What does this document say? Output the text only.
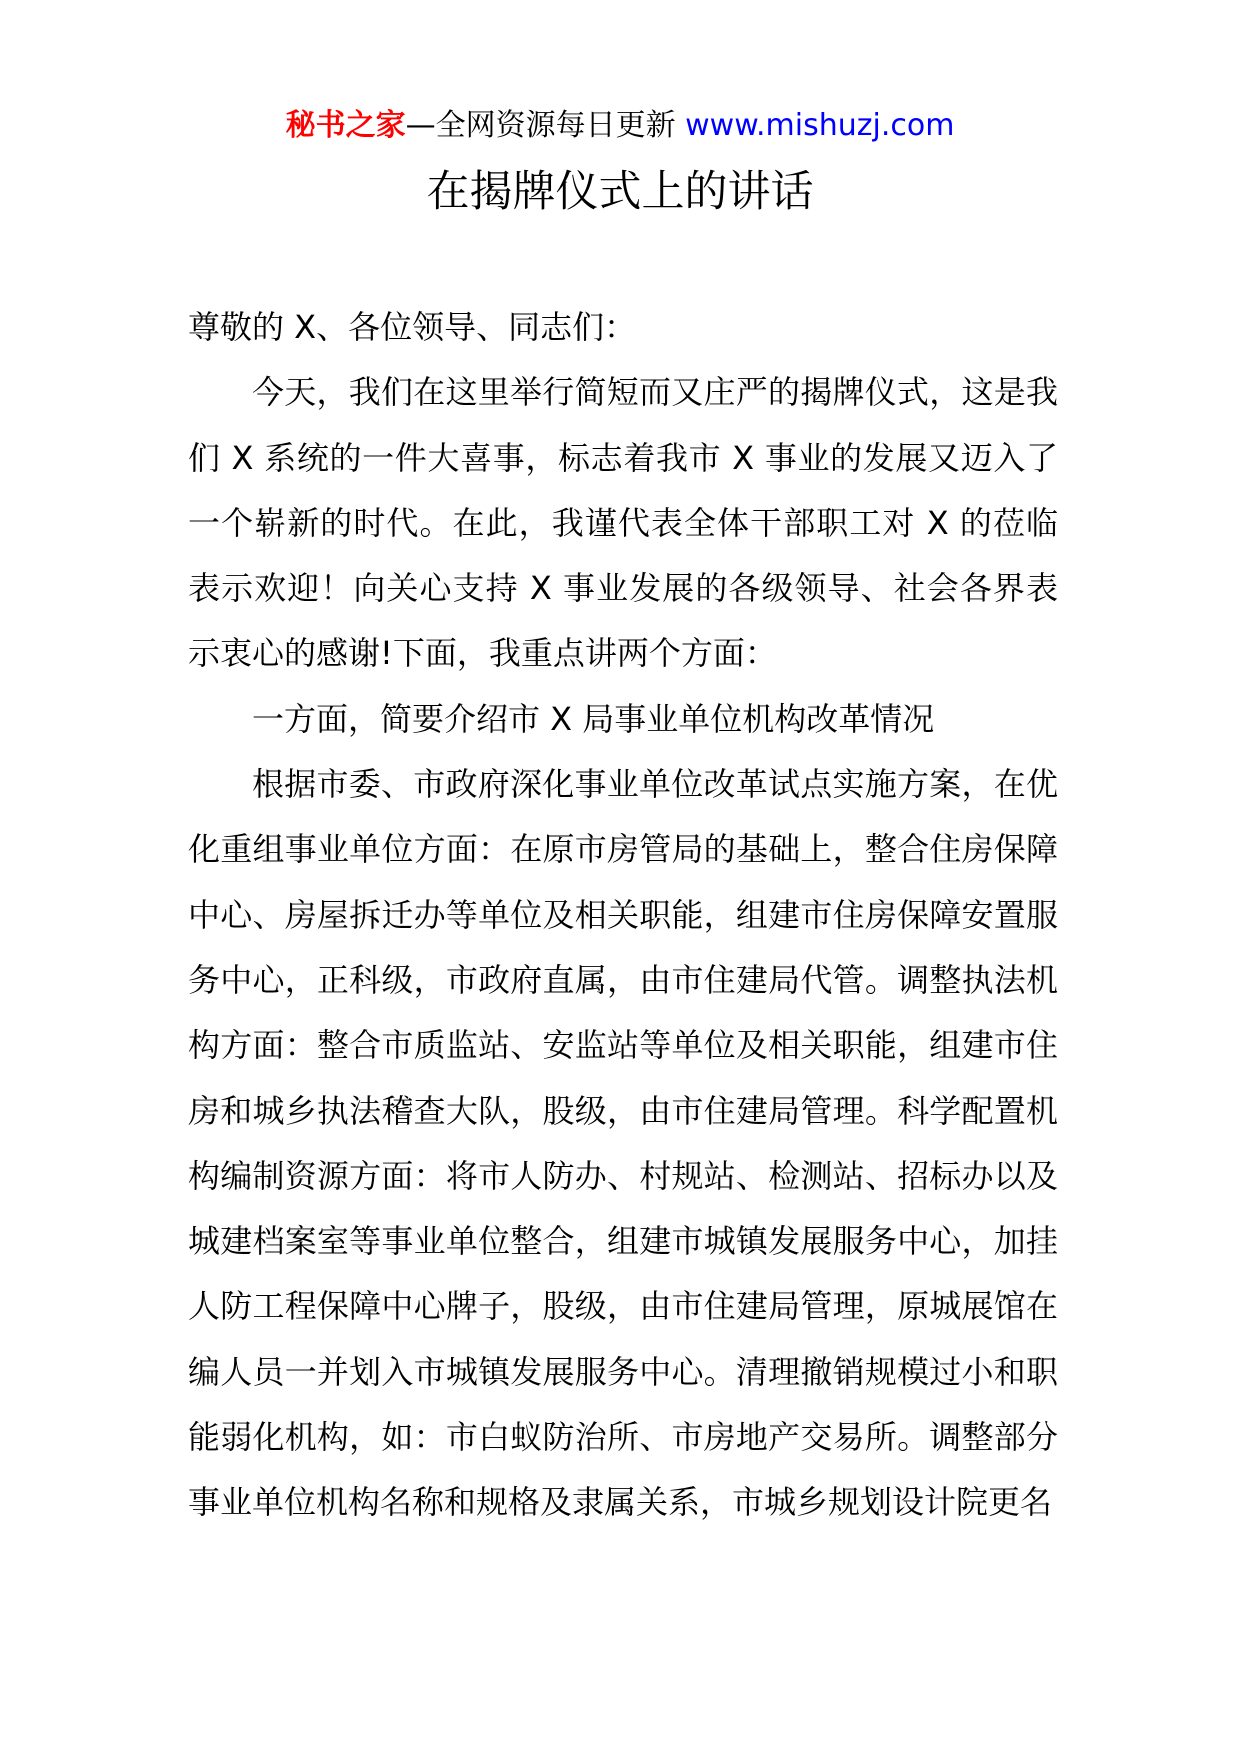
秘书之家—全网资源每日更新 www.mishuzj.com
在揭牌仪式上的讲话

尊敬的 X、各位领导、同志们：

今天，我们在这里举行简短而又庄严的揭牌仪式，这是我们 X 系统的一件大喜事，标志着我市 X 事业的发展又迈入了一个崭新的时代。在此，我谨代表全体干部职工对 X 的莅临表示欢迎！向关心支持 X 事业发展的各级领导、社会各界表示衷心的感谢!下面，我重点讲两个方面：

一方面，简要介绍市 X 局事业单位机构改革情况

根据市委、市政府深化事业单位改革试点实施方案，在优化重组事业单位方面：在原市房管局的基础上，整合住房保障中心、房屋拆迁办等单位及相关职能，组建市住房保障安置服务中心，正科级，市政府直属，由市住建局代管。调整执法机构方面：整合市质监站、安监站等单位及相关职能，组建市住房和城乡执法稽查大队，股级，由市住建局管理。科学配置机构编制资源方面：将市人防办、村规站、检测站、招标办以及城建档案室等事业单位整合，组建市城镇发展服务中心，加挂人防工程保障中心牌子，股级，由市住建局管理，原城展馆在编人员一并划入市城镇发展服务中心。清理撤销规模过小和职能弱化机构，如：市白蚁防治所、市房地产交易所。调整部分事业单位机构名称和规格及隶属关系，市城乡规划设计院更名
